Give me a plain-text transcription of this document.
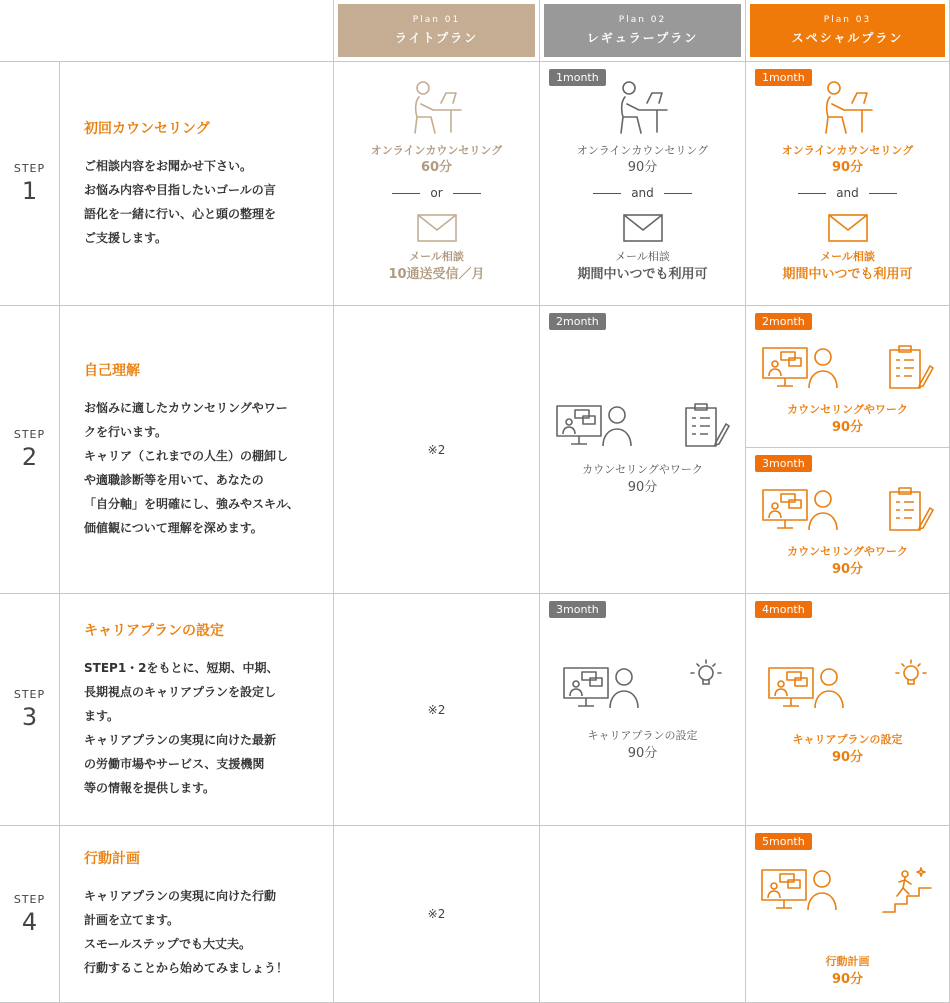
Plan 01
ライトプラン
Plan 02
レギュラープラン
Plan 03
スペシャルプラン
STEP
1
STEP
2
STEP
3
STEP
4
初回カウンセリング
ご相談内容をお聞かせ下さい。
お悩み内容や目指したいゴールの言
語化を一緒に行い、心と頭の整理を
ご支援します。
自己理解
お悩みに適したカウンセリングやワー
クを行います。
キャリア（これまでの人生）の棚卸し
や適職診断等を用いて、あなたの
「自分軸」を明確にし、強みやスキル、
価値観について理解を深めます。
キャリアプランの設定
STEP1・2をもとに、短期、中期、
長期視点のキャリアプランを設定し
ます。
キャリアプランの実現に向けた最新
の労働市場やサービス、支援機関
等の情報を提供します。
行動計画
キャリアプランの実現に向けた行動
計画を立てます。
スモールステップでも大丈夫。
行動することから始めてみましょう！
オンラインカウンセリング
60分
or
メール相談
10通送受信／月
※2
※2
※2
1month
オンラインカウンセリング
90分
and
メール相談
期間中いつでも利用可
2month
カウンセリングやワーク
90分
3month
キャリアプランの設定
90分
1month
オンラインカウンセリング
90分
and
メール相談
期間中いつでも利用可
2month
カウンセリングやワーク
90分
3month
カウンセリングやワーク
90分
4month
キャリアプランの設定
90分
5month
行動計画
90分
